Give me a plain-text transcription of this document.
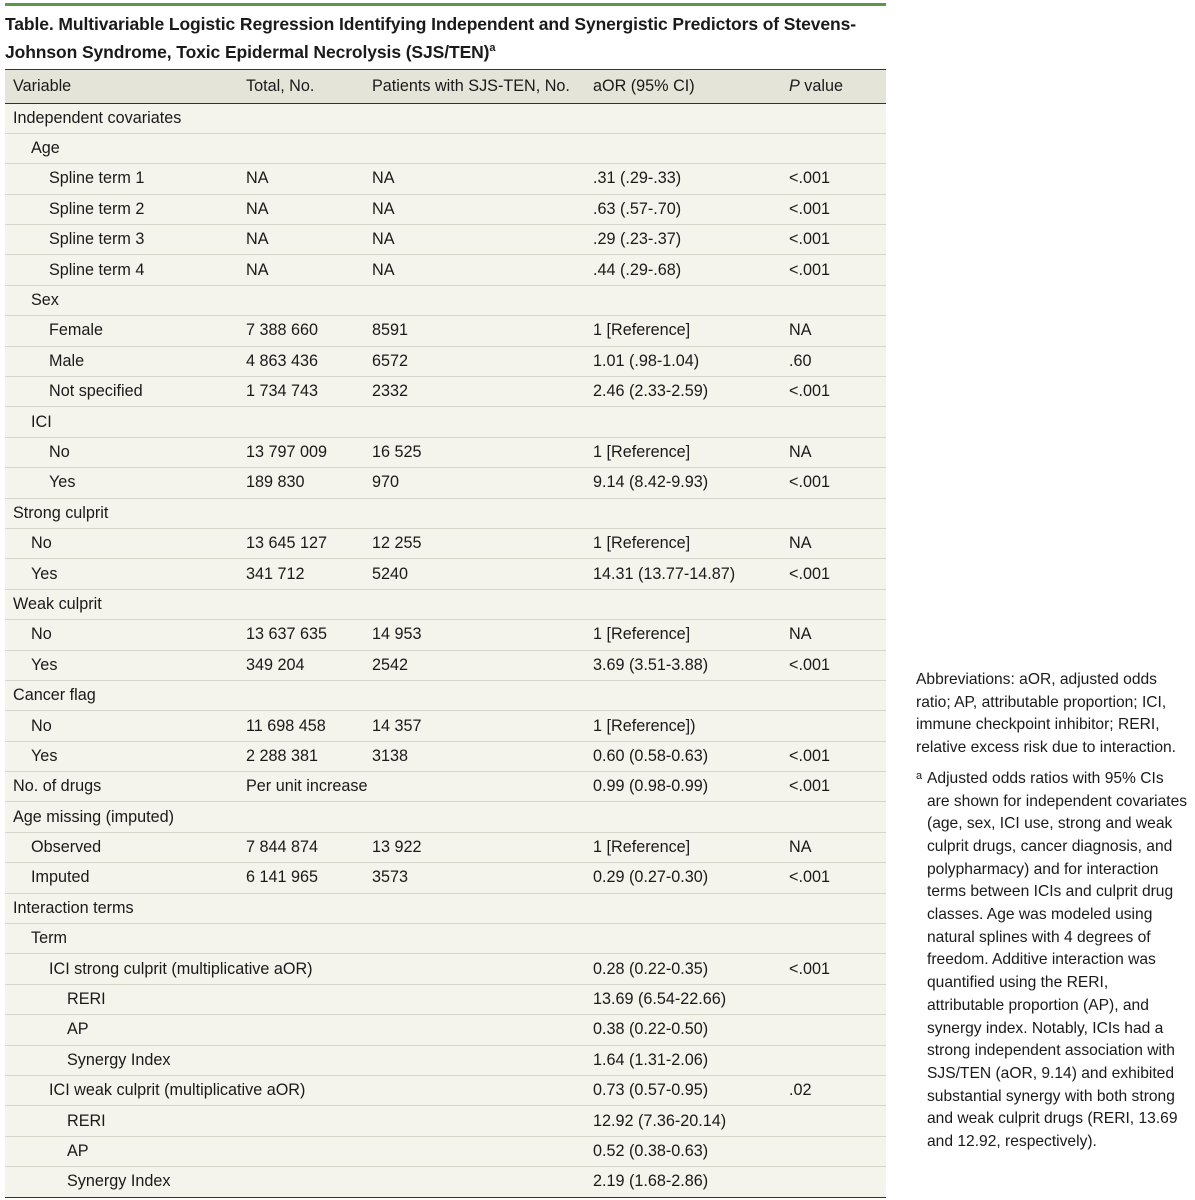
Table. Multivariable Logistic Regression Identifying Independent and Synergistic Predictors of Stevens-Johnson Syndrome, Toxic Epidermal Necrolysis $(SJS/TEN)^a$
Variable	Total, No.	Patients with SJS-TEN, No.	aOR (95% CI)	P value
Independent covariates				
Age				
Spline term 1	NA	NA	.31 (.29-.33)	<.001
Spline term 2	NA	NA	.63 (.57-.70)	<.001
Spline term 3	NA	NA	.29 (.23-.37)	<.001
Spline term 4	NA	NA	.44 (.29-.68)	<.001
Sex				
Female	7 388 660	8591	1 [Reference]	NA
Male	4 863 436	6572	1.01 (.98-1.04)	.60
Not specified	1 734 743	2332	2.46 (2.33-2.59)	<.001
ICI				
No	13 797 009	16 525	1 [Reference]	NA
Yes	189 830	970	9.14 (8.42-9.93)	<.001
Strong culprit				
No	13 645 127	12 255	1 [Reference]	NA
Yes	341 712	5240	14.31 (13.77-14.87)	<.001
Weak culprit				
No	13 637 635	14 953	1 [Reference]	NA
Yes	349 204	2542	3.69 (3.51-3.88)	<.001
Cancer flag				
No	11 698 458	14 357	1 [Reference])	
Yes	2 288 381	3138	0.60 (0.58-0.63)	<.001
No. of drugs	Per unit increase		0.99 (0.98-0.99)	<.001
Age missing (imputed)				
Observed	7 844 874	13 922	1 [Reference]	NA
Imputed	6 141 965	3573	0.29 (0.27-0.30)	<.001
Interaction terms				
Term				
ICI strong culprit (multiplicative aOR)			0.28 (0.22-0.35)	<.001
RERI			13.69 (6.54-22.66)	
AP			0.38 (0.22-0.50)	
Synergy Index			1.64 (1.31-2.06)	
ICI weak culprit (multiplicative aOR)			0.73 (0.57-0.95)	.02
RERI			12.92 (7.36-20.14)	
AP			0.52 (0.38-0.63)	
Synergy Index			2.19 (1.68-2.86)	

Abbreviations: aOR, adjusted odds ratio; AP, attributable proportion; ICI, immune checkpoint inhibitor; RERI, relative excess risk due to interaction.

a Adjusted odds ratios with 95% CIs are shown for independent covariates (age, sex, ICI use, strong and weak culprit drugs, cancer diagnosis, and polypharmacy) and for interaction terms between ICIs and culprit drug classes. Age was modeled using natural splines with 4 degrees of freedom. Additive interaction was quantified using the RERI, attributable proportion (AP), and synergy index. Notably, ICIs had a strong independent association with SJS/TEN (aOR, 9.14) and exhibited substantial synergy with both strong and weak culprit drugs (RERI, 13.69 and 12.92, respectively).
